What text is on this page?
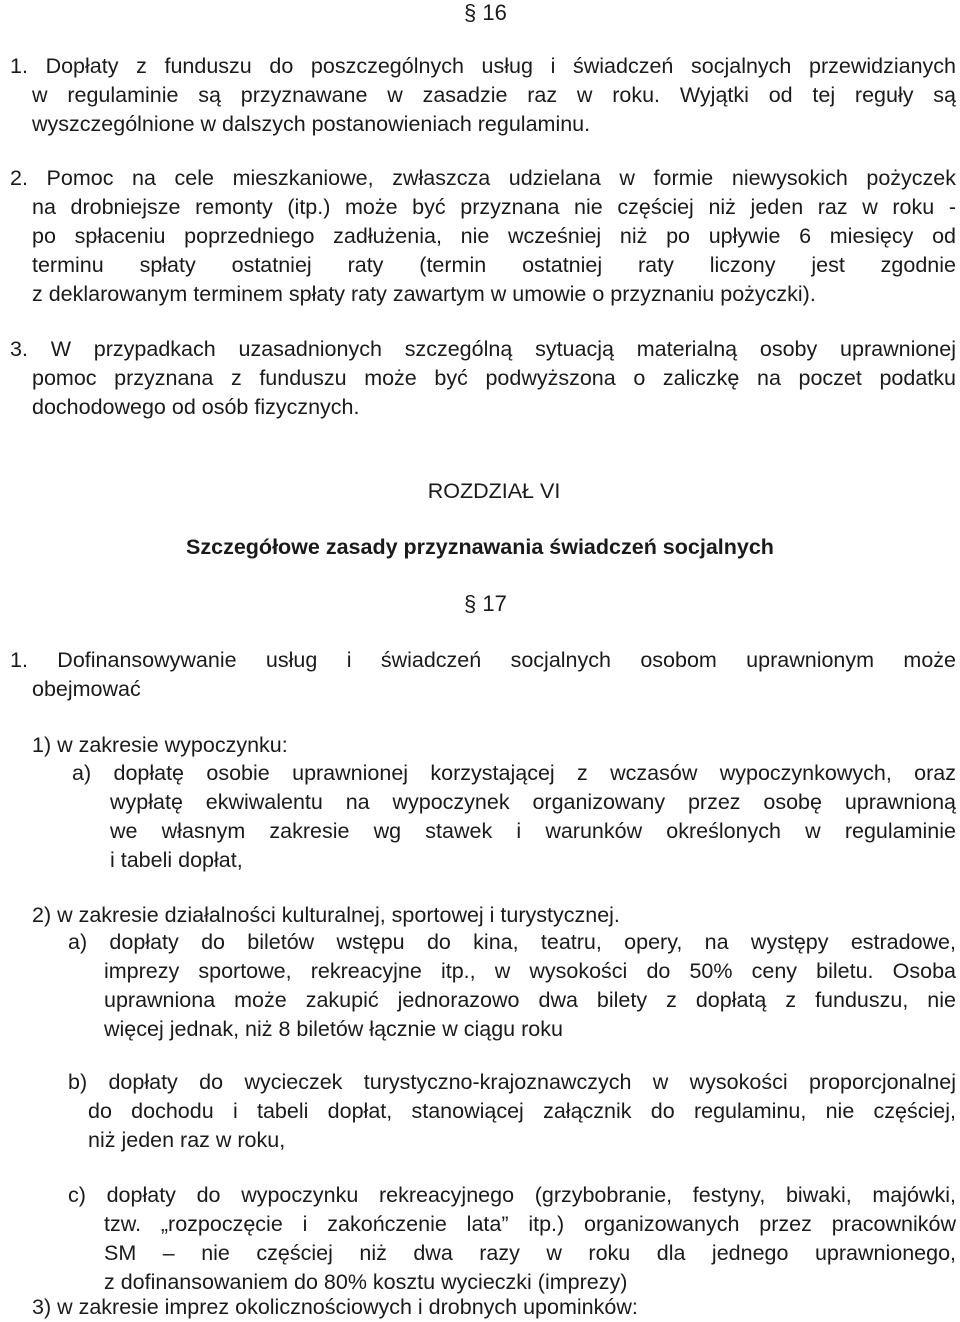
§ 16
1. Dopłaty z funduszu do poszczególnych usług i świadczeń socjalnych przewidzianych
w regulaminie są przyznawane w zasadzie raz w roku. Wyjątki od tej reguły są
wyszczególnione w dalszych postanowieniach regulaminu.
2. Pomoc na cele mieszkaniowe, zwłaszcza udzielana w formie niewysokich pożyczek
na drobniejsze remonty (itp.) może być przyznana nie częściej niż jeden raz w roku -
po spłaceniu poprzedniego zadłużenia, nie wcześniej niż po upływie 6 miesięcy od
terminu spłaty ostatniej raty (termin ostatniej raty liczony jest zgodnie
z deklarowanym terminem spłaty raty zawartym w umowie o przyznaniu pożyczki).
3. W przypadkach uzasadnionych szczególną sytuacją materialną osoby uprawnionej
pomoc przyznana z funduszu może być podwyższona o zaliczkę na poczet podatku
dochodowego od osób fizycznych.

ROZDZIAŁ VI

Szczegółowe zasady przyznawania świadczeń socjalnych

§ 17
1. Dofinansowywanie usług i świadczeń socjalnych osobom uprawnionym może
obejmować
1) w zakresie wypoczynku:
a) dopłatę osobie uprawnionej korzystającej z wczasów wypoczynkowych, oraz
wypłatę ekwiwalentu na wypoczynek organizowany przez osobę uprawnioną
we własnym zakresie wg stawek i warunków określonych w regulaminie
i tabeli dopłat,
2) w zakresie działalności kulturalnej, sportowej i turystycznej.
a) dopłaty do biletów wstępu do kina, teatru, opery, na występy estradowe,
imprezy sportowe, rekreacyjne itp., w wysokości do 50% ceny biletu. Osoba
uprawniona może zakupić jednorazowo dwa bilety z dopłatą z funduszu, nie
więcej jednak, niż 8 biletów łącznie w ciągu roku
b) dopłaty do wycieczek turystyczno-krajoznawczych w wysokości proporcjonalnej
do dochodu i tabeli dopłat, stanowiącej załącznik do regulaminu, nie częściej,
niż jeden raz w roku,
c) dopłaty do wypoczynku rekreacyjnego (grzybobranie, festyny, biwaki, majówki,
tzw. „rozpoczęcie i zakończenie lata” itp.) organizowanych przez pracowników
SM – nie częściej niż dwa razy w roku dla jednego uprawnionego,
z dofinansowaniem do 80% kosztu wycieczki (imprezy)
3) w zakresie imprez okolicznościowych i drobnych upominków:
